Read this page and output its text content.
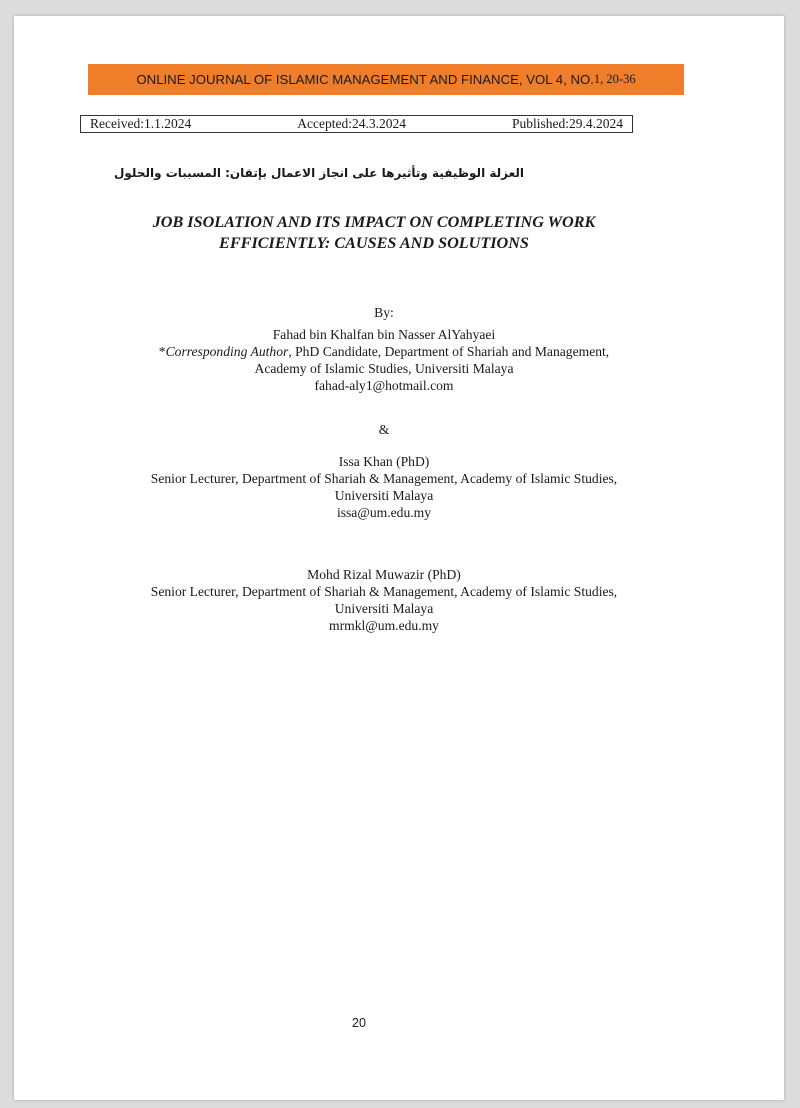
ONLINE JOURNAL OF ISLAMIC MANAGEMENT AND FINANCE, VOL 4, NO. 1, 20-36
Received:1.1.2024	Accepted:24.3.2024	Published:29.4.2024
العزلة الوظيفية وتأثيرها على انجاز الاعمال بإتقان: المسببات والحلول
JOB ISOLATION AND ITS IMPACT ON COMPLETING WORK
EFFICIENTLY: CAUSES AND SOLUTIONS

By:

Fahad bin Khalfan bin Nasser AlYahyaei

*Corresponding Author, PhD Candidate, Department of Shariah and Management,

Academy of Islamic Studies, Universiti Malaya

fahad-aly1@hotmail.com

&

Issa Khan (PhD)

Senior Lecturer, Department of Shariah & Management, Academy of Islamic Studies,

Universiti Malaya

issa@um.edu.my

Mohd Rizal Muwazir (PhD)

Senior Lecturer, Department of Shariah & Management, Academy of Islamic Studies,

Universiti Malaya

mrmkl@um.edu.my

20
